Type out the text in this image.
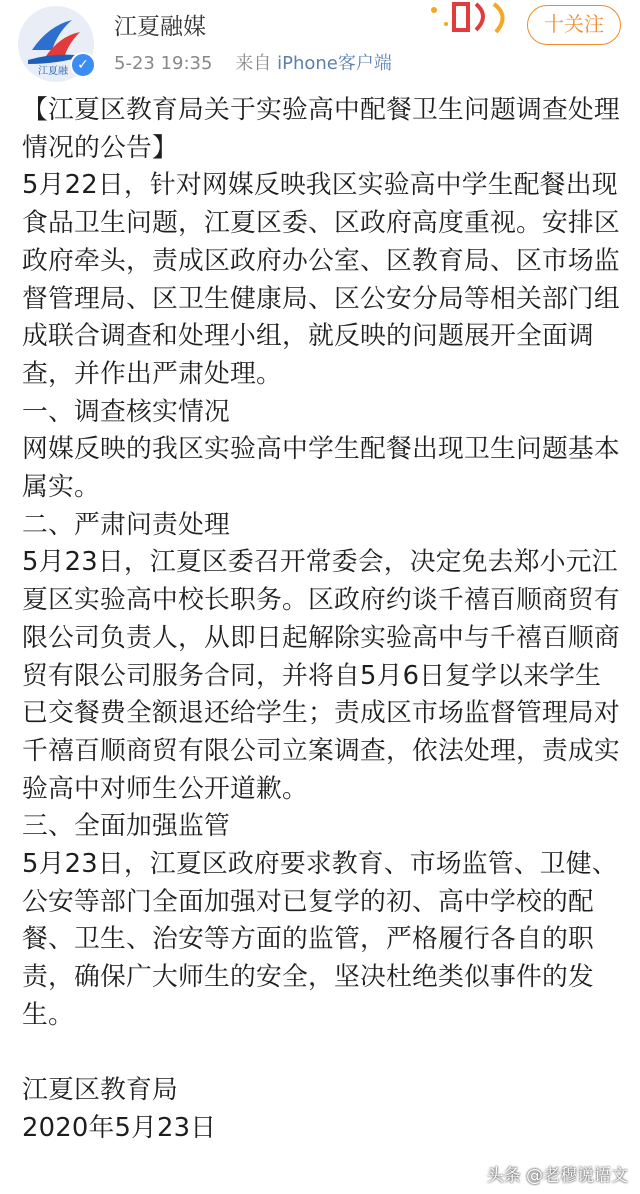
江夏融 ✓
江夏融媒
5-23 19:35 来自 iPhone客户端
十关注

【江夏区教育局关于实验高中配餐卫生问题调查处理情况的公告】

5月22日，针对网媒反映我区实验高中学生配餐出现食品卫生问题，江夏区委、区政府高度重视。安排区政府牵头，责成区政府办公室、区教育局、区市场监督管理局、区卫生健康局、区公安分局等相关部门组成联合调查和处理小组，就反映的问题展开全面调查，并作出严肃处理。

一、调查核实情况

网媒反映的我区实验高中学生配餐出现卫生问题基本属实。

二、严肃问责处理

5月23日，江夏区委召开常委会，决定免去郑小元江夏区实验高中校长职务。区政府约谈千禧百顺商贸有限公司负责人，从即日起解除实验高中与千禧百顺商贸有限公司服务合同，并将自5月6日复学以来学生已交餐费全额退还给学生；责成区市场监督管理局对千禧百顺商贸有限公司立案调查，依法处理，责成实验高中对师生公开道歉。

三、全面加强监管

5月23日，江夏区政府要求教育、市场监管、卫健、公安等部门全面加强对已复学的初、高中学校的配餐、卫生、治安等方面的监管，严格履行各自的职责，确保广大师生的安全，坚决杜绝类似事件的发生。

江夏区教育局

2020年5月23日

头条 @老穆说语文
